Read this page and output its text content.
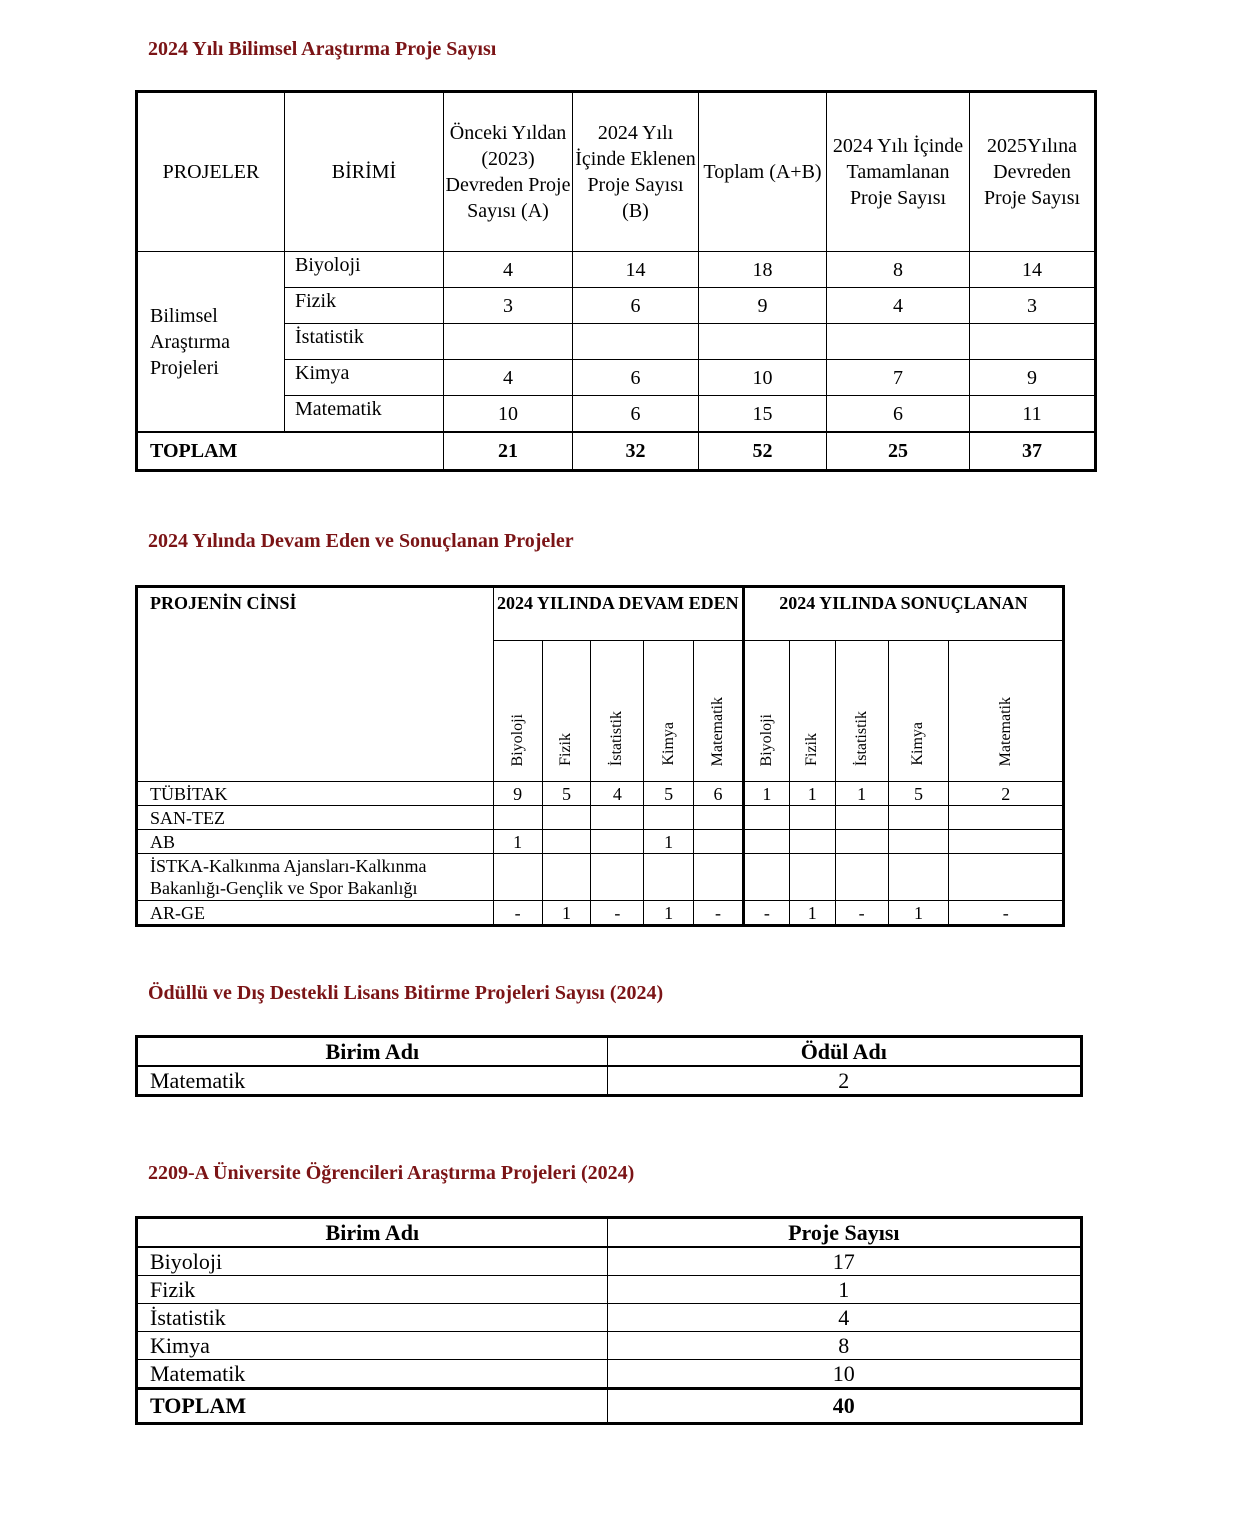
2024 Yılı Bilimsel Araştırma Proje Sayısı
PROJELER	BİRİMİ	Önceki Yıldan (2023) Devreden Proje Sayısı (A)	2024 Yılı İçinde Eklenen Proje Sayısı (B)	Toplam (A+B)	2024 Yılı İçinde Tamamlanan Proje Sayısı	2025Yılına Devreden Proje Sayısı
Bilimsel Araştırma Projeleri	Biyoloji	4	14	18	8	14
	Fizik	3	6	9	4	3
	İstatistik					
	Kimya	4	6	10	7	9
	Matematik	10	6	15	6	11
TOPLAM		21	32	52	25	37
2024 Yılında Devam Eden ve Sonuçlanan Projeler
PROJENİN CİNSİ	2024 YILINDA DEVAM EDEN					2024 YILINDA SONUÇLANAN				
	Biyoloji	Fizik	İstatistik	Kimya	Matematik	Biyoloji	Fizik	İstatistik	Kimya	Matematik
TÜBİTAK	9	5	4	5	6	1	1	1	5	2
SAN-TEZ										
AB	1			1						

İSTKA-Kalkınma Ajansları-Kalkınma
Bakanlığı-Gençlik ve Spor Bakanlığı										

AR-GE	-	1	-	1	-	-	1	-	1	-
Ödüllü ve Dış Destekli Lisans Bitirme Projeleri Sayısı (2024)
Birim Adı	Ödül Adı
Matematik	2
2209-A Üniversite Öğrencileri Araştırma Projeleri (2024)
Birim Adı	Proje Sayısı
Biyoloji	17
Fizik	1
İstatistik	4
Kimya	8
Matematik	10
TOPLAM	40
